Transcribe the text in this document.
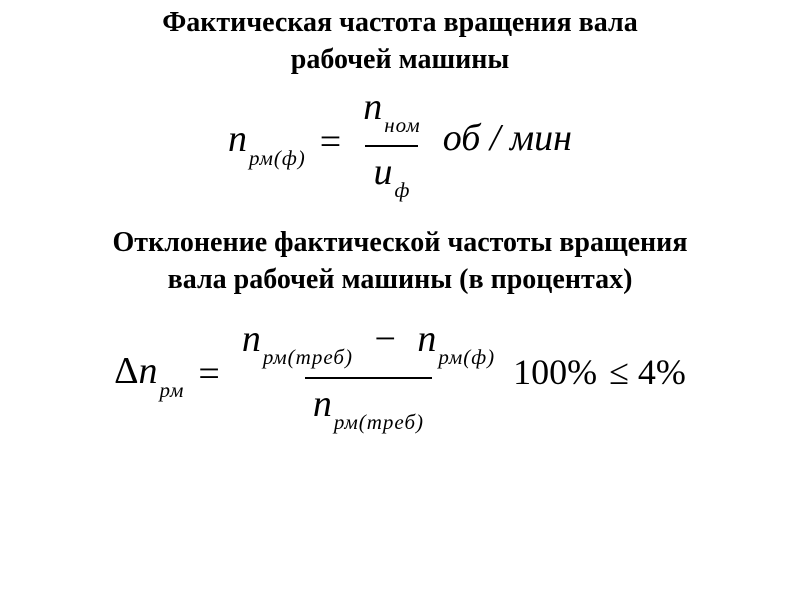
Фактическая частота вращения вала
рабочей машины
$n_{рм(ф)} = \frac{n_{ном}}{u_ф}$ об / мин
Отклонение фактической частоты вращения
вала рабочей машины (в процентах)
$\Delta n_{рм} = \frac{n_{рм(треб)} - n_{рм(ф)}}{n_{рм(треб)}} 100\% \le 4\%$
